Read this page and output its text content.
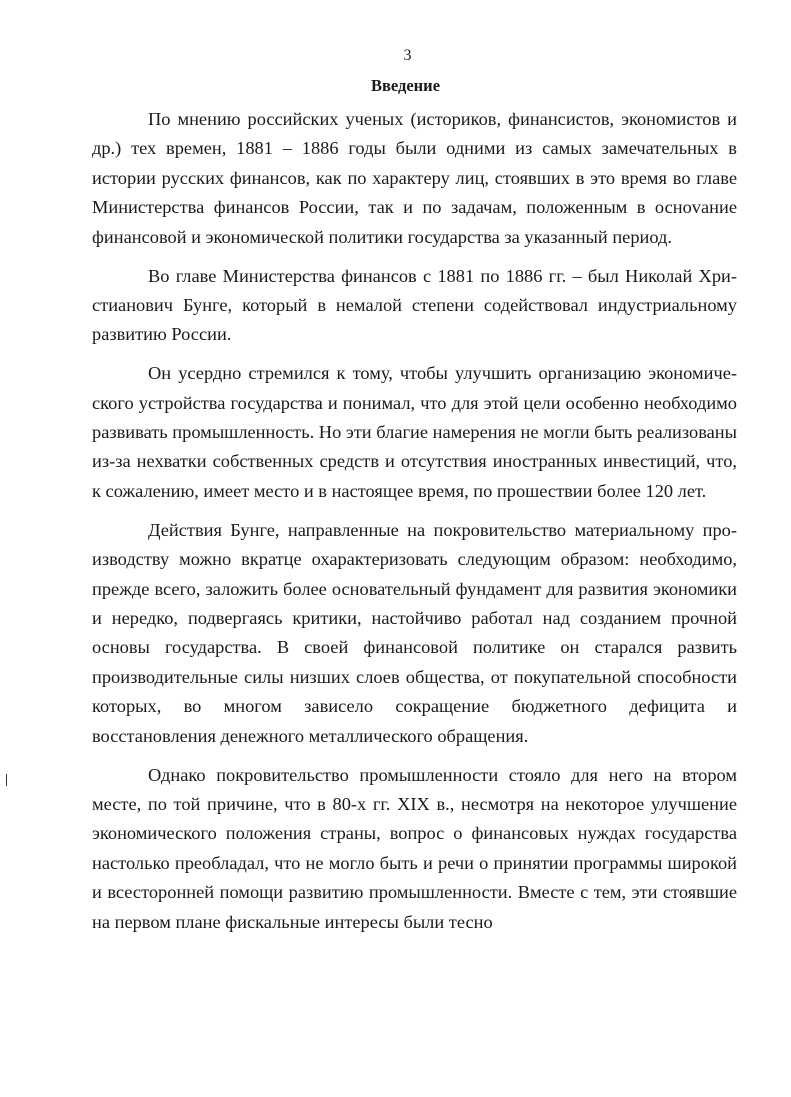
3
Введение

По мнению российских ученых (историков, финансистов, экономистов и др.) тех времен, 1881 – 1886 годы были одними из самых замечательных в истории русских финансов, как по характеру лиц, стоявших в это время во главе Министерства финансов России, так и по задачам, положенным в осноvание финансовой и экономической политики государства за указанный период.

Во главе Министерства финансов с 1881 по 1886 гг. – был Николай Христианович Бунге, который в немалой степени содействовал индустриальному развитию России.

Он усердно стремился к тому, чтобы улучшить организацию экономического устройства государства и понимал, что для этой цели особенно необходимо развивать промышленность. Но эти благие намерения не могли быть реализованы из-за нехватки собственных средств и отсутствия иностранных инвестиций, что, к сожалению, имеет место и в настоящее время, по прошествии более 120 лет.

Действия Бунге, направленные на покровительство материальному производству можно вкратце охарактеризовать следующим образом: необходимо, прежде всего, заложить более основательный фундамент для развития экономики и нередко, подвергаясь критики, настойчиво работал над созданием прочной основы государства. В своей финансовой политике он старался развить производительные силы низших слоев общества, от покупательной способности которых, во многом зависело сокращение бюджетного дефицита и восстановления денежного металлического обращения.

Однако покровительство промышленности стояло для него на втором месте, по той причине, что в 80-х гг. XIX в., несмотря на некоторое улучшение экономического положения страны, вопрос о финансовых нуждах государства настолько преобладал, что не могло быть и речи о принятии программы широкой и всесторонней помощи развитию промышленности. Вместе с тем, эти стоявшие на первом плане фискальные интересы были тесно
